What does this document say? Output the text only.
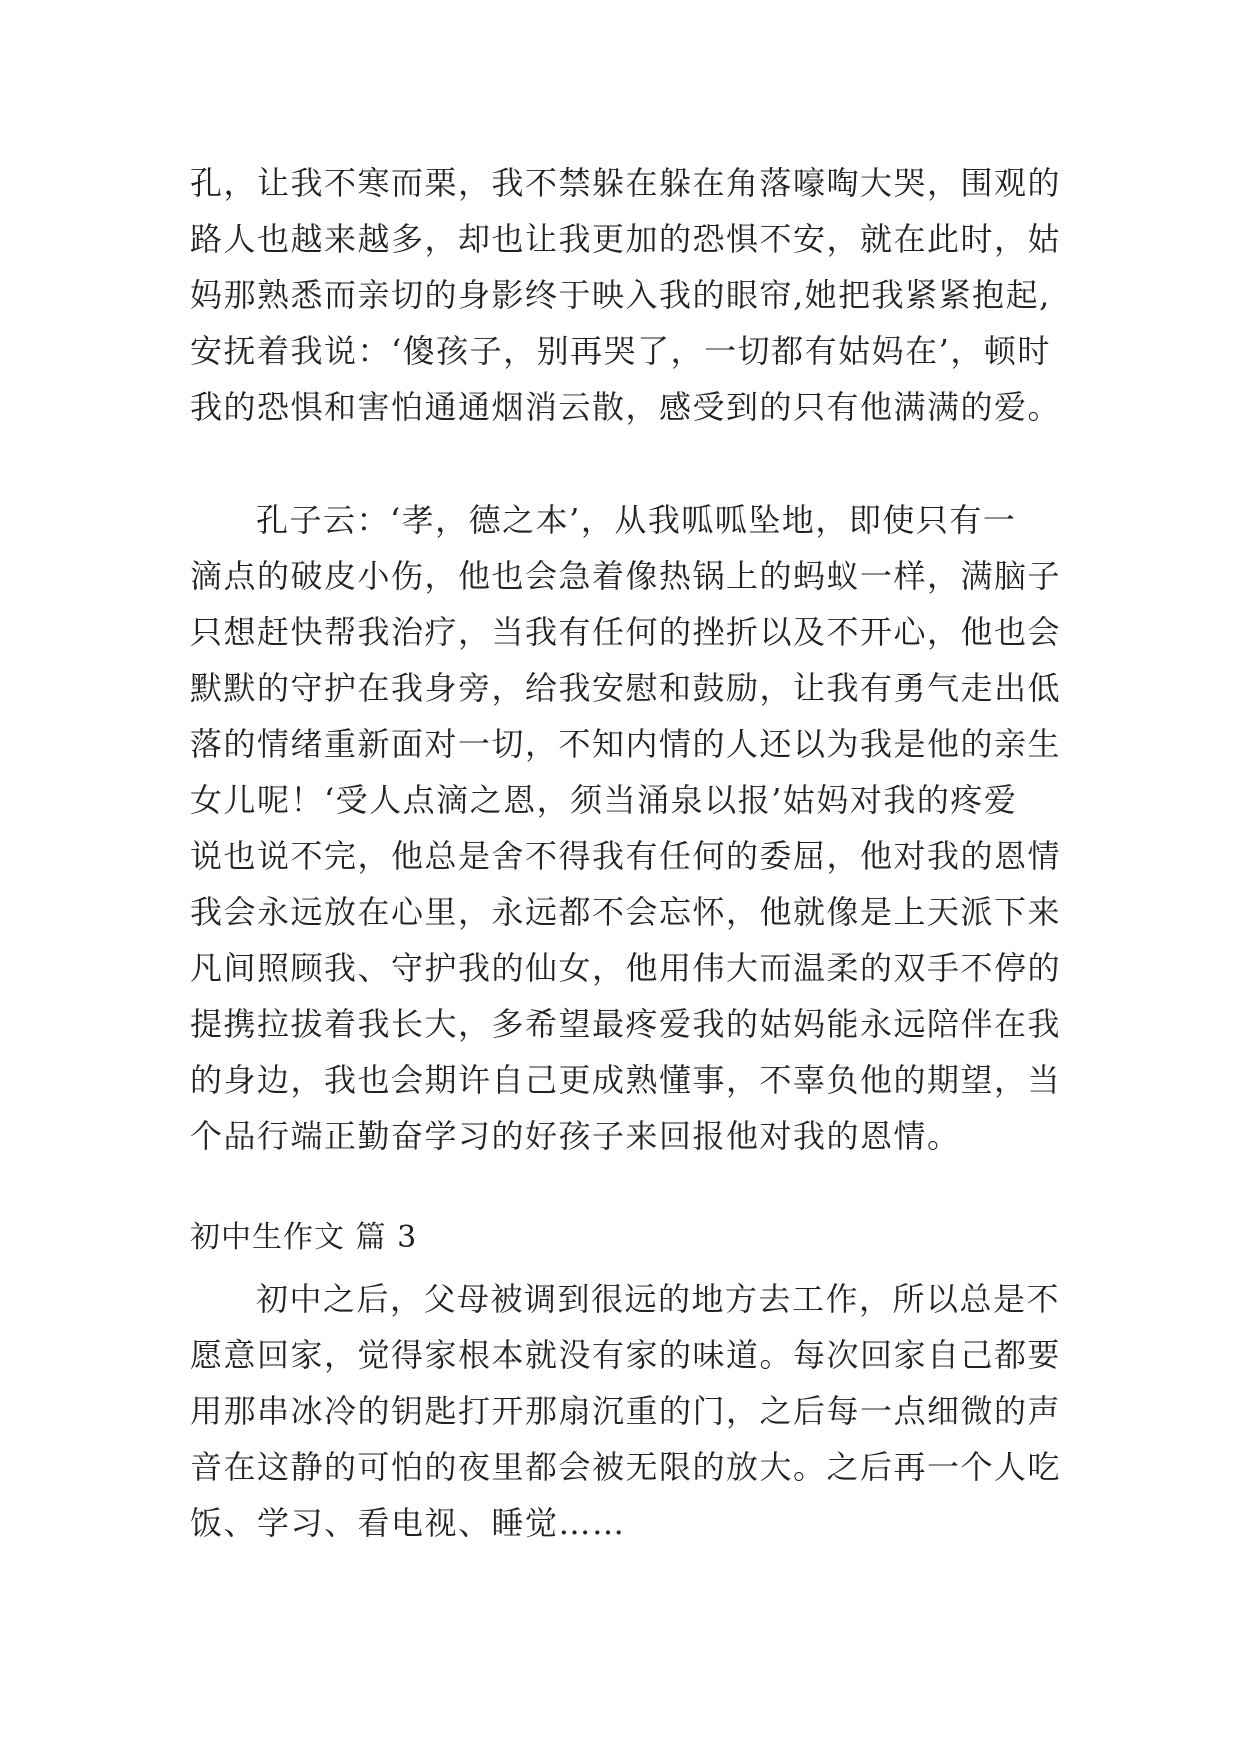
孔，让我不寒而栗，我不禁躲在躲在角落嚎啕大哭，围观的
路人也越来越多，却也让我更加的恐惧不安，就在此时，姑
妈那熟悉而亲切的身影终于映入我的眼帘,她把我紧紧抱起,
安抚着我说：‘傻孩子，别再哭了，一切都有姑妈在’，顿时
我的恐惧和害怕通通烟消云散，感受到的只有他满满的爱。
孔子云：‘孝，德之本’，从我呱呱坠地，即使只有一
滴点的破皮小伤，他也会急着像热锅上的蚂蚁一样，满脑子
只想赶快帮我治疗，当我有任何的挫折以及不开心，他也会
默默的守护在我身旁，给我安慰和鼓励，让我有勇气走出低
落的情绪重新面对一切，不知内情的人还以为我是他的亲生
女儿呢！‘受人点滴之恩，须当涌泉以报’姑妈对我的疼爱
说也说不完，他总是舍不得我有任何的委屈，他对我的恩情
我会永远放在心里，永远都不会忘怀，他就像是上天派下来
凡间照顾我、守护我的仙女，他用伟大而温柔的双手不停的
提携拉拔着我长大，多希望最疼爱我的姑妈能永远陪伴在我
的身边，我也会期许自己更成熟懂事，不辜负他的期望，当
个品行端正勤奋学习的好孩子来回报他对我的恩情。
初中生作文 篇 3
初中之后，父母被调到很远的地方去工作，所以总是不
愿意回家，觉得家根本就没有家的味道。每次回家自己都要
用那串冰冷的钥匙打开那扇沉重的门，之后每一点细微的声
音在这静的可怕的夜里都会被无限的放大。之后再一个人吃
饭、学习、看电视、睡觉……
